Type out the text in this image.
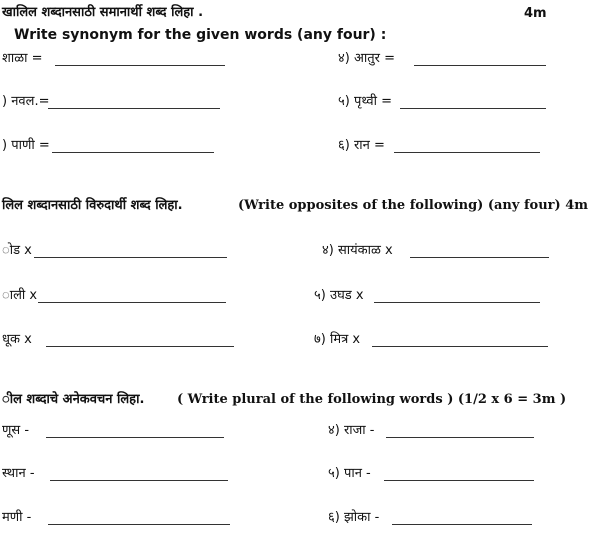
खालिल शब्दानसाठी समानार्थी शब्द लिहा .	4m
Write synonym for the given words (any four) :
शाळा =	४) आतुर =
) नवल.=	५) पृथ्वी =
) पाणी =	६) रान =
लिल शब्दानसाठी विरुदार्थी शब्द लिहा.	(Write opposites of the following) (any four) 4m
ोड x	४) सायंकाळ x
ाली x	५) उघड x
धूक x	७) मित्र x
ील शब्दाचे अनेकवचन लिहा.	( Write plural of the following words ) (1/2 x 6 = 3m )
णूस -	४) राजा -
स्थान -	५) पान -
मणी -	६) झोका -
